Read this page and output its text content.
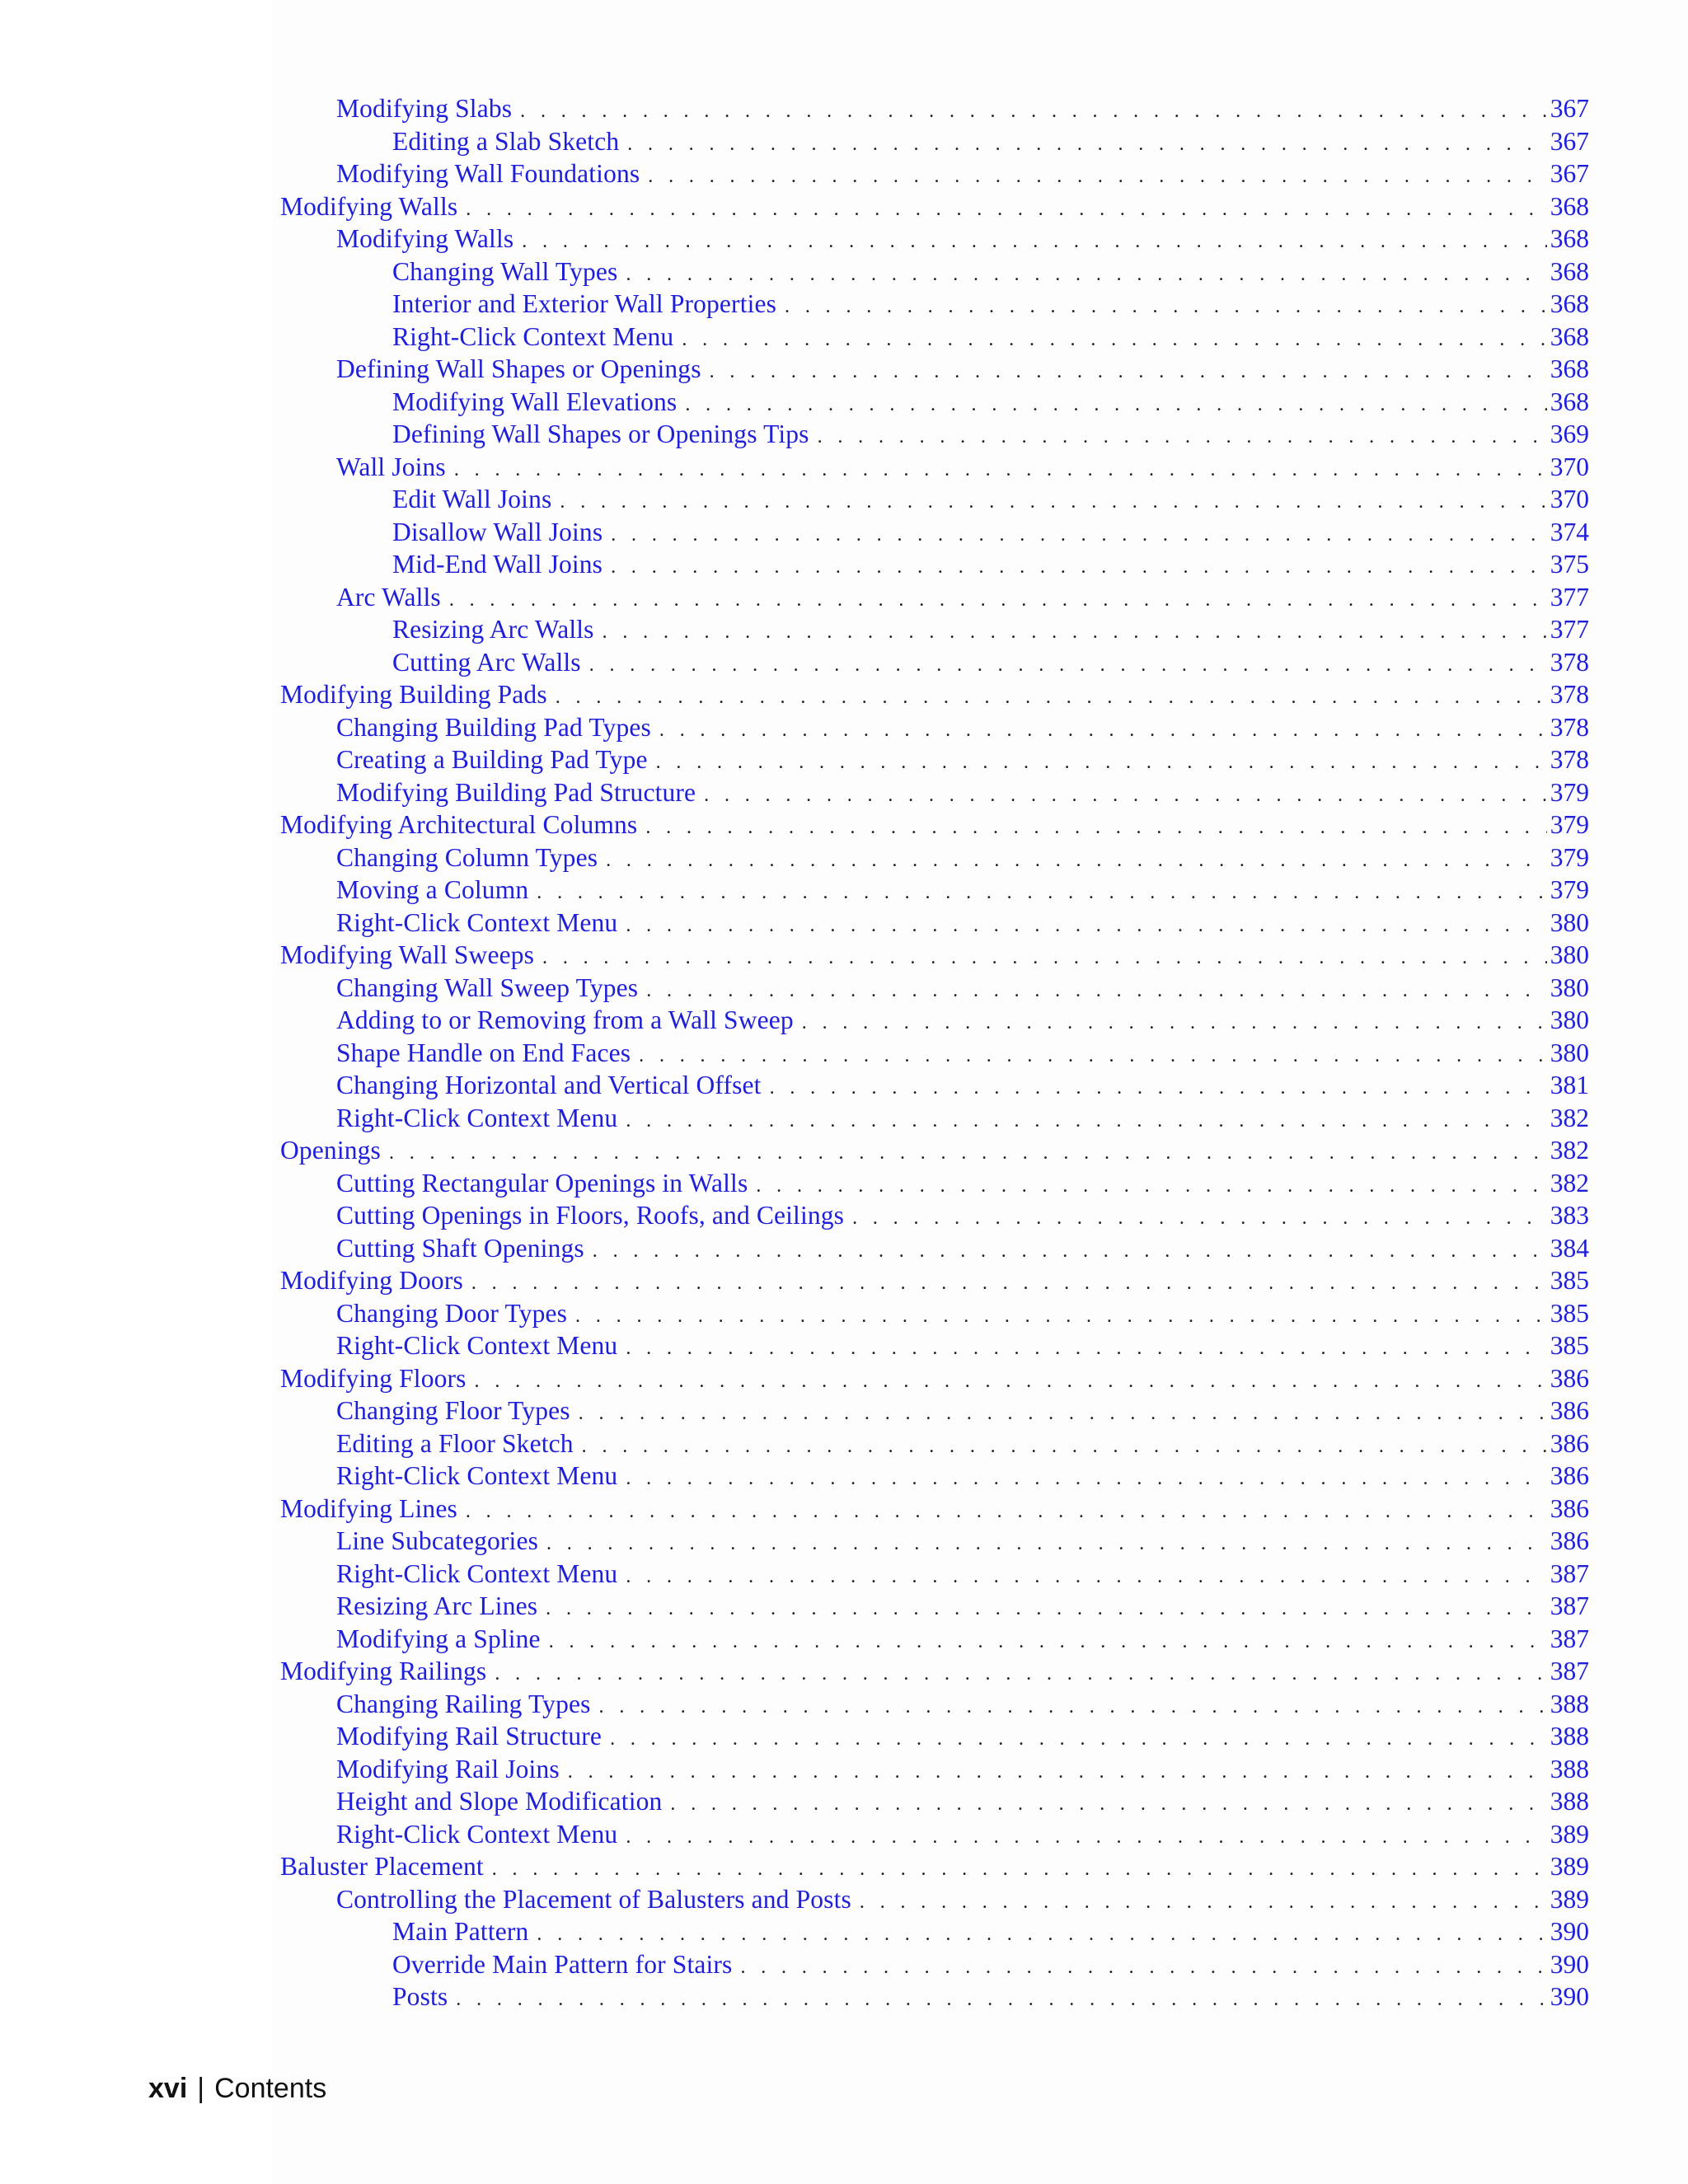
Modifying Slabs . . .	367
Editing a Slab Sketch . . .	367
Modifying Wall Foundations . . .	367
Modifying Walls . . .	368
Modifying Walls . . .	368
Changing Wall Types . . .	368
Interior and Exterior Wall Properties . . .	368
Right-Click Context Menu . . .	368
Defining Wall Shapes or Openings . . .	368
Modifying Wall Elevations . . .	368
Defining Wall Shapes or Openings Tips . . .	369
Wall Joins . . .	370
Edit Wall Joins . . .	370
Disallow Wall Joins . . .	374
Mid-End Wall Joins . . .	375
Arc Walls . . .	377
Resizing Arc Walls . . .	377
Cutting Arc Walls . . .	378
Modifying Building Pads . . .	378
Changing Building Pad Types . . .	378
Creating a Building Pad Type . . .	378
Modifying Building Pad Structure . . .	379
Modifying Architectural Columns . . .	379
Changing Column Types . . .	379
Moving a Column . . .	379
Right-Click Context Menu . . .	380
Modifying Wall Sweeps . . .	380
Changing Wall Sweep Types . . .	380
Adding to or Removing from a Wall Sweep . . .	380
Shape Handle on End Faces . . .	380
Changing Horizontal and Vertical Offset . . .	381
Right-Click Context Menu . . .	382
Openings . . .	382
Cutting Rectangular Openings in Walls . . .	382
Cutting Openings in Floors, Roofs, and Ceilings . . .	383
Cutting Shaft Openings . . .	384
Modifying Doors . . .	385
Changing Door Types . . .	385
Right-Click Context Menu . . .	385
Modifying Floors . . .	386
Changing Floor Types . . .	386
Editing a Floor Sketch . . .	386
Right-Click Context Menu . . .	386
Modifying Lines . . .	386
Line Subcategories . . .	386
Right-Click Context Menu . . .	387
Resizing Arc Lines . . .	387
Modifying a Spline . . .	387
Modifying Railings . . .	387
Changing Railing Types . . .	388
Modifying Rail Structure . . .	388
Modifying Rail Joins . . .	388
Height and Slope Modification . . .	388
Right-Click Context Menu . . .	389
Baluster Placement . . .	389
Controlling the Placement of Balusters and Posts . . .	389
Main Pattern . . .	390
Override Main Pattern for Stairs . . .	390
Posts . . .	390
xvi | Contents
